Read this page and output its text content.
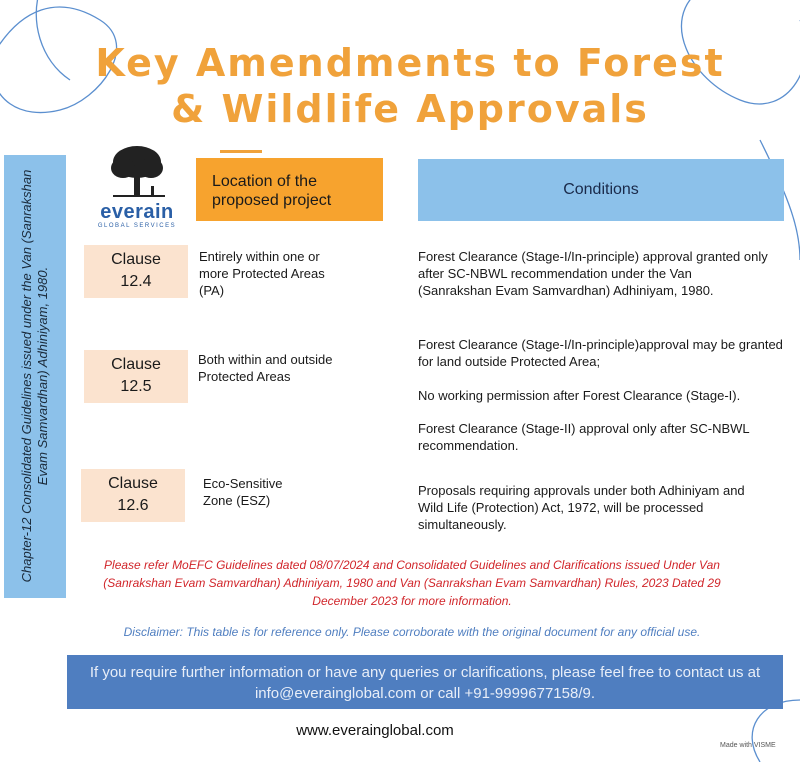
Key Amendments to Forest & Wildlife Approvals
Chapter-12 Consolidated Guidelines issued under the Van (Sanrakshan Evam Samvardhan) Adhiniyam, 1980.
everain
GLOBAL SERVICES
Location of the proposed project
Conditions
Clause
12.4
Entirely within one or more Protected Areas (PA)
Forest Clearance (Stage-I/In-principle) approval granted only after SC-NBWL recommendation under the Van (Sanrakshan Evam Samvardhan) Adhiniyam, 1980.
Clause
12.5
Both within and outside Protected Areas
Forest Clearance (Stage-I/In-principle)approval may be granted for land outside Protected Area;
No working permission after Forest Clearance (Stage-I).
Forest Clearance (Stage-II) approval only after SC-NBWL recommendation.
Clause
12.6
Eco-Sensitive Zone (ESZ)
Proposals requiring approvals under both Adhiniyam and Wild Life (Protection) Act, 1972, will be processed simultaneously.
Please refer MoEFC Guidelines dated 08/07/2024 and Consolidated Guidelines and Clarifications issued Under Van (Sanrakshan Evam Samvardhan) Adhiniyam, 1980 and Van (Sanrakshan Evam Samvardhan) Rules, 2023 Dated 29 December 2023 for more information.
Disclaimer: This table is for reference only. Please corroborate with the original document for any official use.
If you require further information or have any queries or clarifications, please feel free to contact us at info@everainglobal.com or call +91-9999677158/9.
www.everainglobal.com
Made with VISME
